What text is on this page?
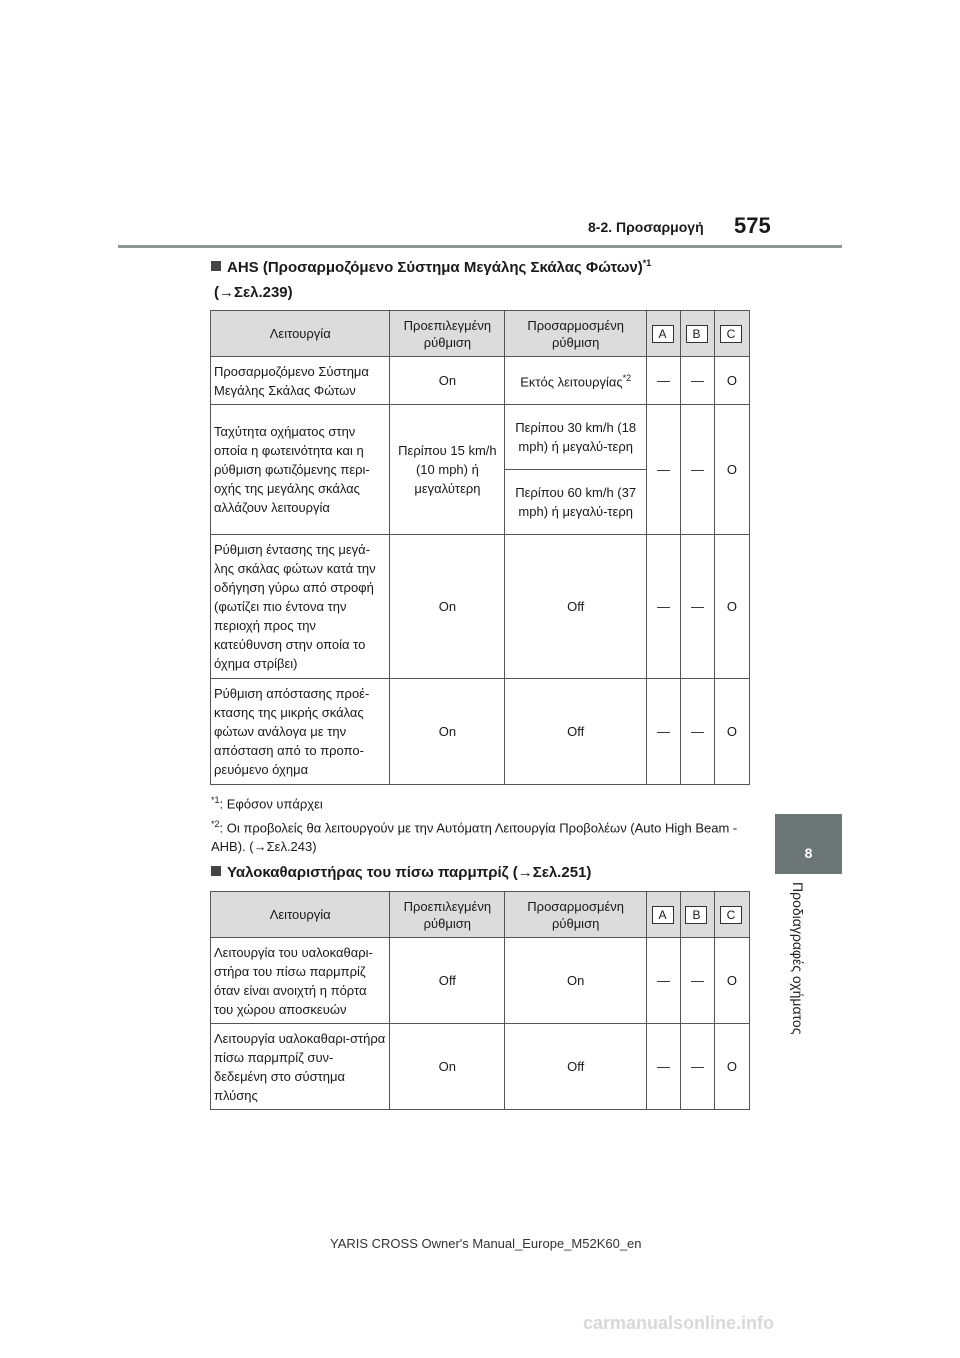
8-2. Προσαρμογή 575
8
Προδιαγραφές οχήματος
AHS (Προσαρμοζόμενο Σύστημα Μεγάλης Σκάλας Φώτων)$^{*1}$
(→Σελ.239)
Λειτουργία	Προεπιλεγμένη ρύθμιση	Προσαρμοσμένη ρύθμιση	A	B	C
Προσαρμοζόμενο Σύστημα Μεγάλης Σκάλας Φώτων	On	Εκτός λειτουργίας$^{*2}$	—	—	O
Ταχύτητα οχήματος στην οποία η φωτεινότητα και η ρύθμιση φωτιζόμενης περι-οχής της μεγάλης σκάλας αλλάζουν λειτουργία	Περίπου 15 km/h (10 mph) ή μεγαλύτερη	Περίπου 30 km/h (18 mph) ή μεγαλύ-τερη	—	—	O
		Περίπου 60 km/h (37 mph) ή μεγαλύ-τερη			
Ρύθμιση έντασης της μεγά-λης σκάλας φώτων κατά την οδήγηση γύρω από στροφή (φωτίζει πιο έντονα την περιοχή προς την κατεύθυνση στην οποία το όχημα στρίβει)	On	Off	—	—	O
Ρύθμιση απόστασης προέ-κτασης της μικρής σκάλας φώτων ανάλογα με την απόσταση από το προπο-ρευόμενο όχημα	On	Off	—	—	O
$^{*1}$: Εφόσον υπάρχει
$^{*2}$: Οι προβολείς θα λειτουργούν με την Αυτόματη Λειτουργία Προβολέων (Auto High Beam - AHB). (→Σελ.243)
Υαλοκαθαριστήρας του πίσω παρμπρίζ (→Σελ.251)
Λειτουργία	Προεπιλεγμένη ρύθμιση	Προσαρμοσμένη ρύθμιση	A	B	C
Λειτουργία του υαλοκαθαρι-στήρα του πίσω παρμπρίζ όταν είναι ανοιχτή η πόρτα του χώρου αποσκευών	Off	On	—	—	O
Λειτουργία υαλοκαθαρι-στήρα πίσω παρμπρίζ συν-δεδεμένη στο σύστημα πλύσης	On	Off	—	—	O
YARIS CROSS Owner's Manual_Europe_M52K60_en
carmanualsonline.info
